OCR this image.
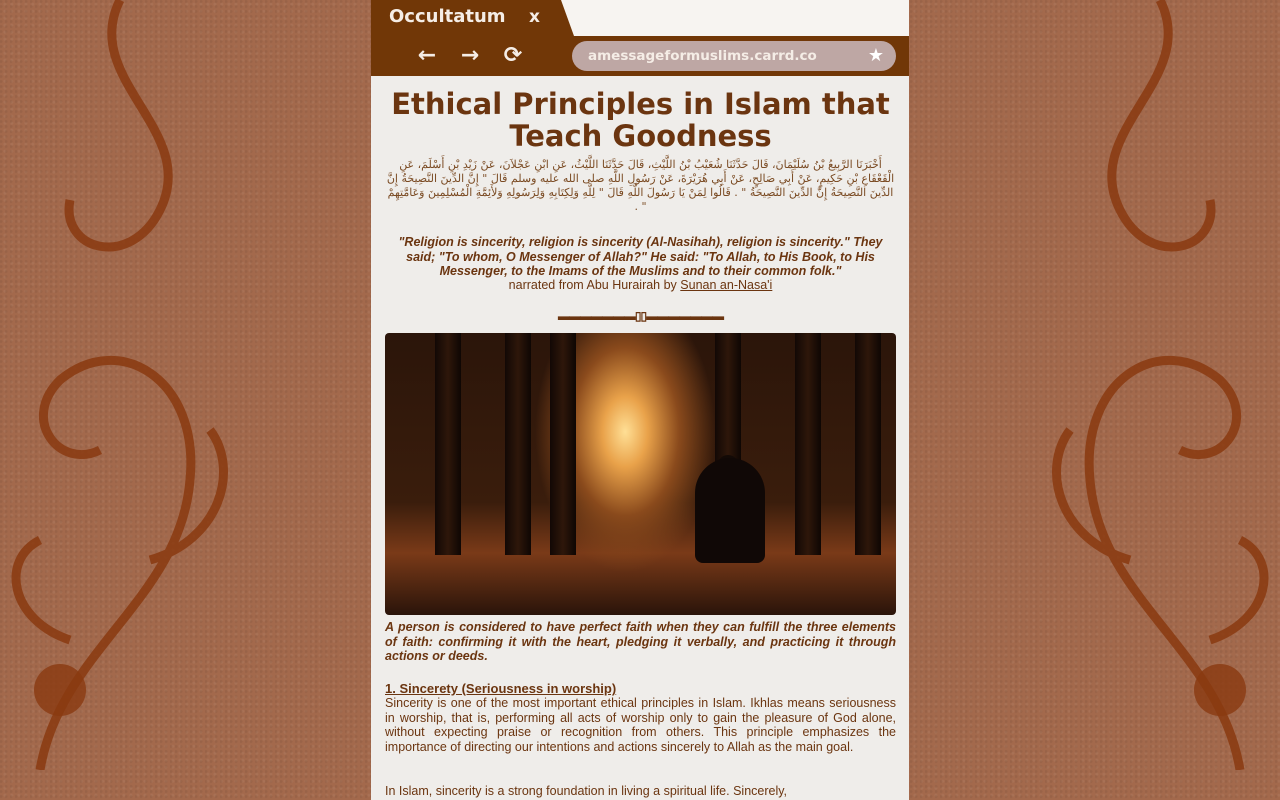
Occultatum x
← → ⟳	amessageformuslims.carrd.co	★
Ethical Principles in Islam that Teach Goodness

أَخْبَرَنَا الرَّبِيعُ بْنُ سُلَيْمَانَ، قَالَ حَدَّثَنَا شُعَيْبُ بْنُ اللَّيْثِ، قَالَ حَدَّثَنَا اللَّيْثُ، عَنِ ابْنِ عَجْلاَنَ، عَنْ زَيْدِ بْنِ أَسْلَمَ، عَنِ الْقَعْقَاعِ بْنِ حَكِيمٍ، عَنْ أَبِي صَالِحٍ، عَنْ أَبِي هُرَيْرَةَ، عَنْ رَسُولِ اللَّهِ صلى الله عليه وسلم قَالَ " إِنَّ الدِّينَ النَّصِيحَةُ إِنَّ الدِّينَ النَّصِيحَةُ إِنَّ الدِّينَ النَّصِيحَةُ " . قَالُوا لِمَنْ يَا رَسُولَ اللَّهِ قَالَ " لِلَّهِ وَلِكِتَابِهِ وَلِرَسُولِهِ وَلأَئِمَّةِ الْمُسْلِمِينَ وَعَامَّتِهِمْ " .

"Religion is sincerity, religion is sincerity (Al-Nasihah), religion is sincerity." They said; "To whom, O Messenger of Allah?" He said: "To Allah, to His Book, to His Messenger, to the Imams of the Muslims and to their common folk."

narrated from Abu Hurairah by Sunan an-Nasa'i

▬▬▬▬▬▬▬▯▯▬▬▬▬▬▬▬

A person is considered to have perfect faith when they can fulfill the three elements of faith: confirming it with the heart, pledging it verbally, and practicing it through actions or deeds.

1. Sincerety (Seriousness in worship)

Sincerity is one of the most important ethical principles in Islam. Ikhlas means seriousness in worship, that is, performing all acts of worship only to gain the pleasure of God alone, without expecting praise or recognition from others. This principle emphasizes the importance of directing our intentions and actions sincerely to Allah as the main goal.

In Islam, sincerity is a strong foundation in living a spiritual life. Sincerely,
